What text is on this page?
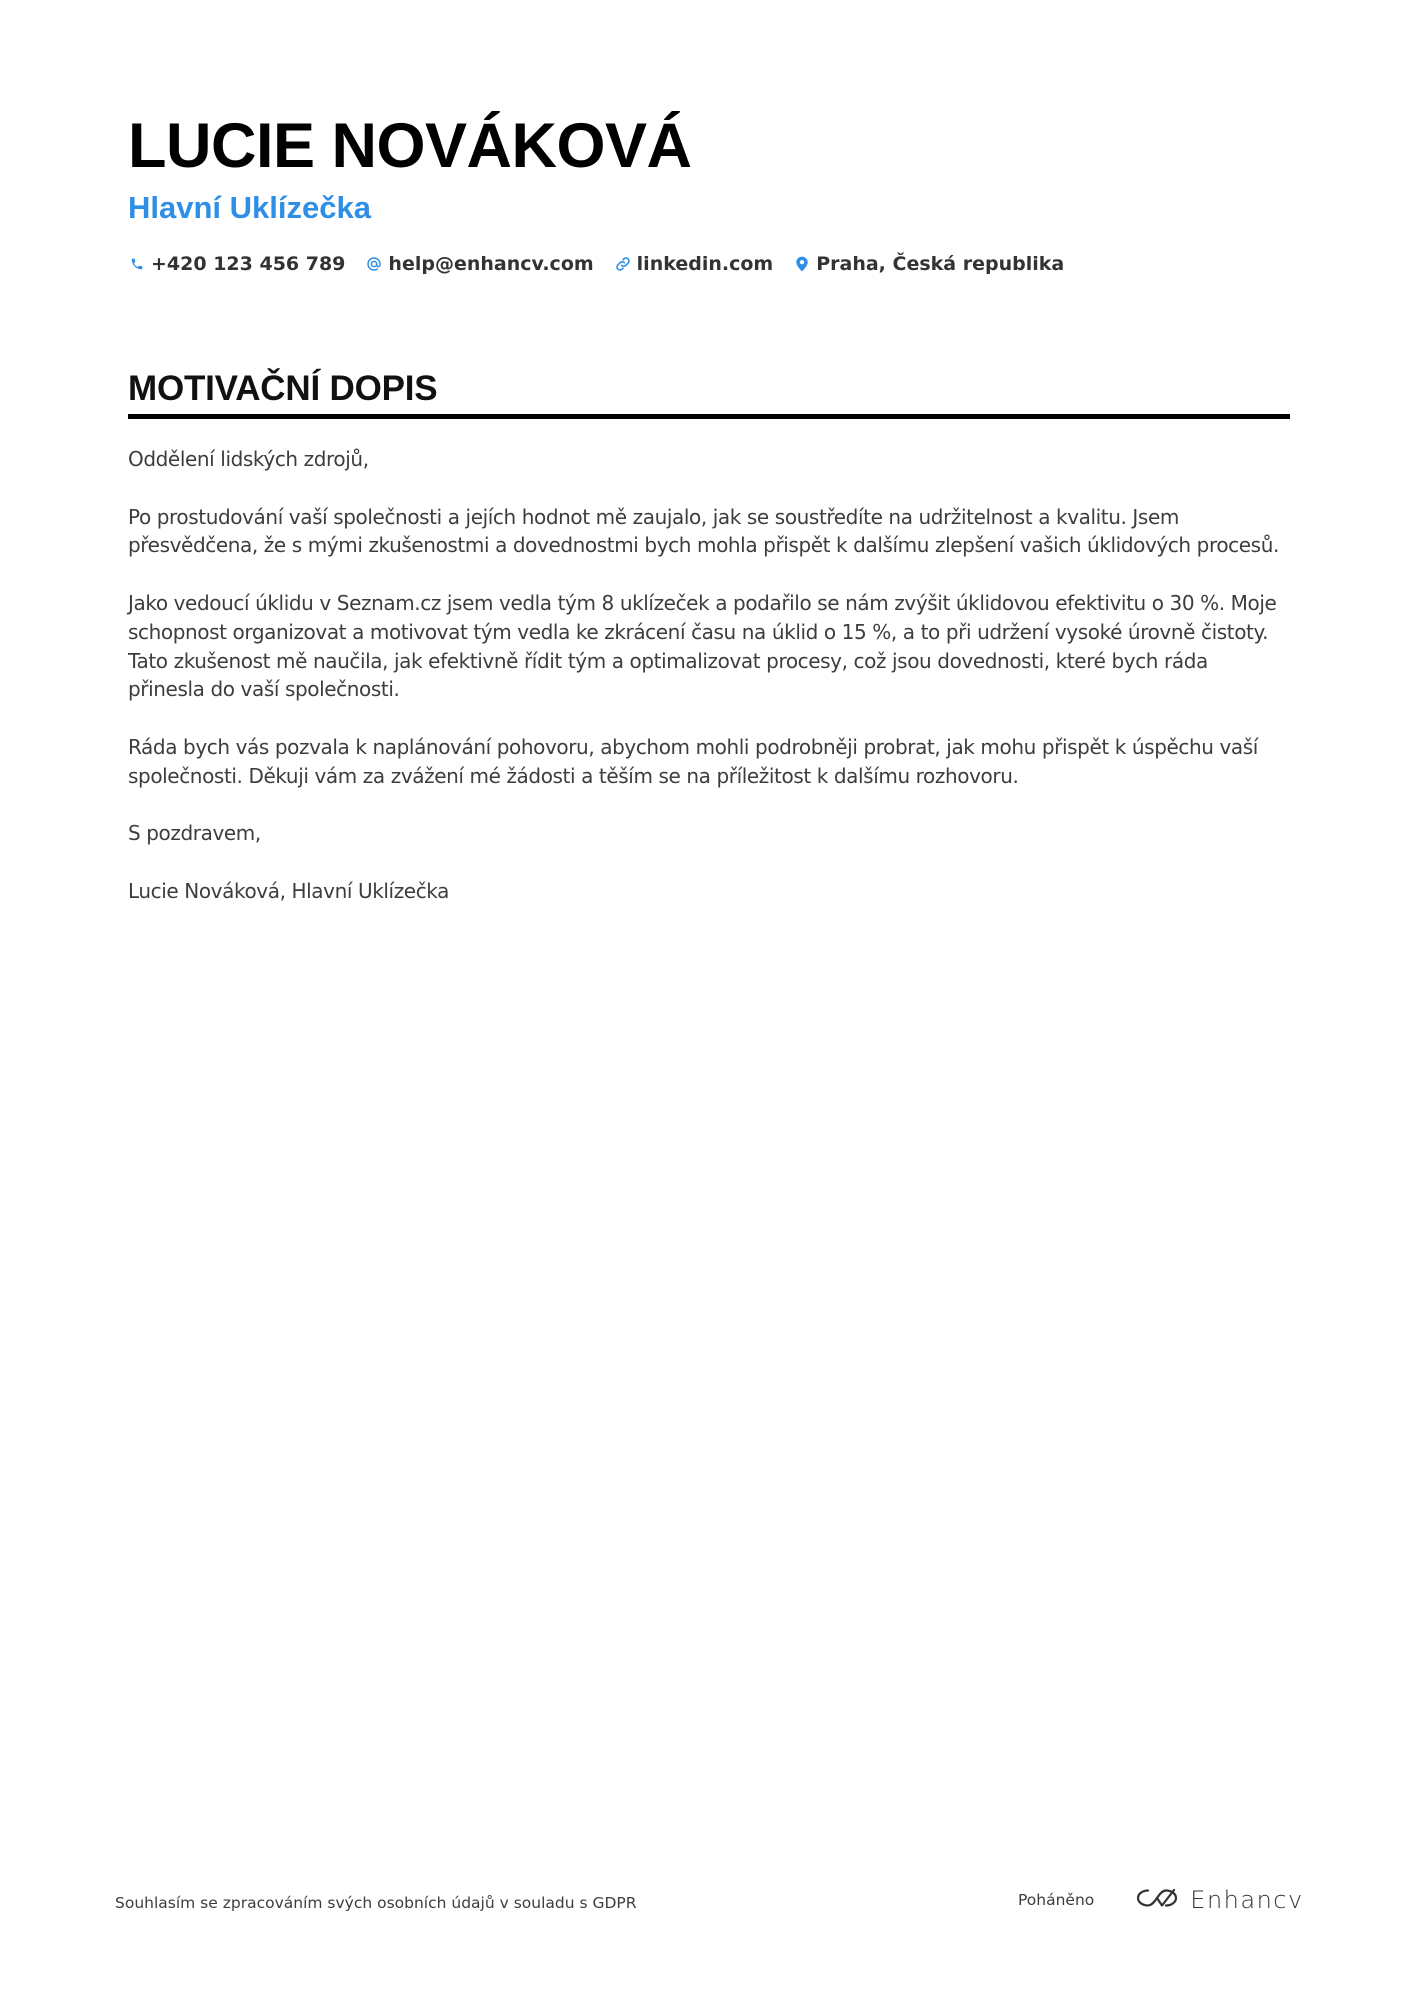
LUCIE NOVÁKOVÁ
Hlavní Uklízečka
+420 123 456 789 help@enhancv.com linkedin.com Praha, Česká republika
MOTIVAČNÍ DOPIS

Oddělení lidských zdrojů,

Po prostudování vaší společnosti a jejích hodnot mě zaujalo, jak se soustředíte na udržitelnost a kvalitu. Jsem přesvědčena, že s mými zkušenostmi a dovednostmi bych mohla přispět k dalšímu zlepšení vašich úklidových procesů.

Jako vedoucí úklidu v Seznam.cz jsem vedla tým 8 uklízeček a podařilo se nám zvýšit úklidovou efektivitu o 30 %. Moje schopnost organizovat a motivovat tým vedla ke zkrácení času na úklid o 15 %, a to při udržení vysoké úrovně čistoty. Tato zkušenost mě naučila, jak efektivně řídit tým a optimalizovat procesy, což jsou dovednosti, které bych ráda přinesla do vaší společnosti.

Ráda bych vás pozvala k naplánování pohovoru, abychom mohli podrobněji probrat, jak mohu přispět k úspěchu vaší společnosti. Děkuji vám za zvážení mé žádosti a těším se na příležitost k dalšímu rozhovoru.

S pozdravem,

Lucie Nováková, Hlavní Uklízečka

Souhlasím se zpracováním svých osobních údajů v souladu s GDPR	Poháněno	Enhancv
